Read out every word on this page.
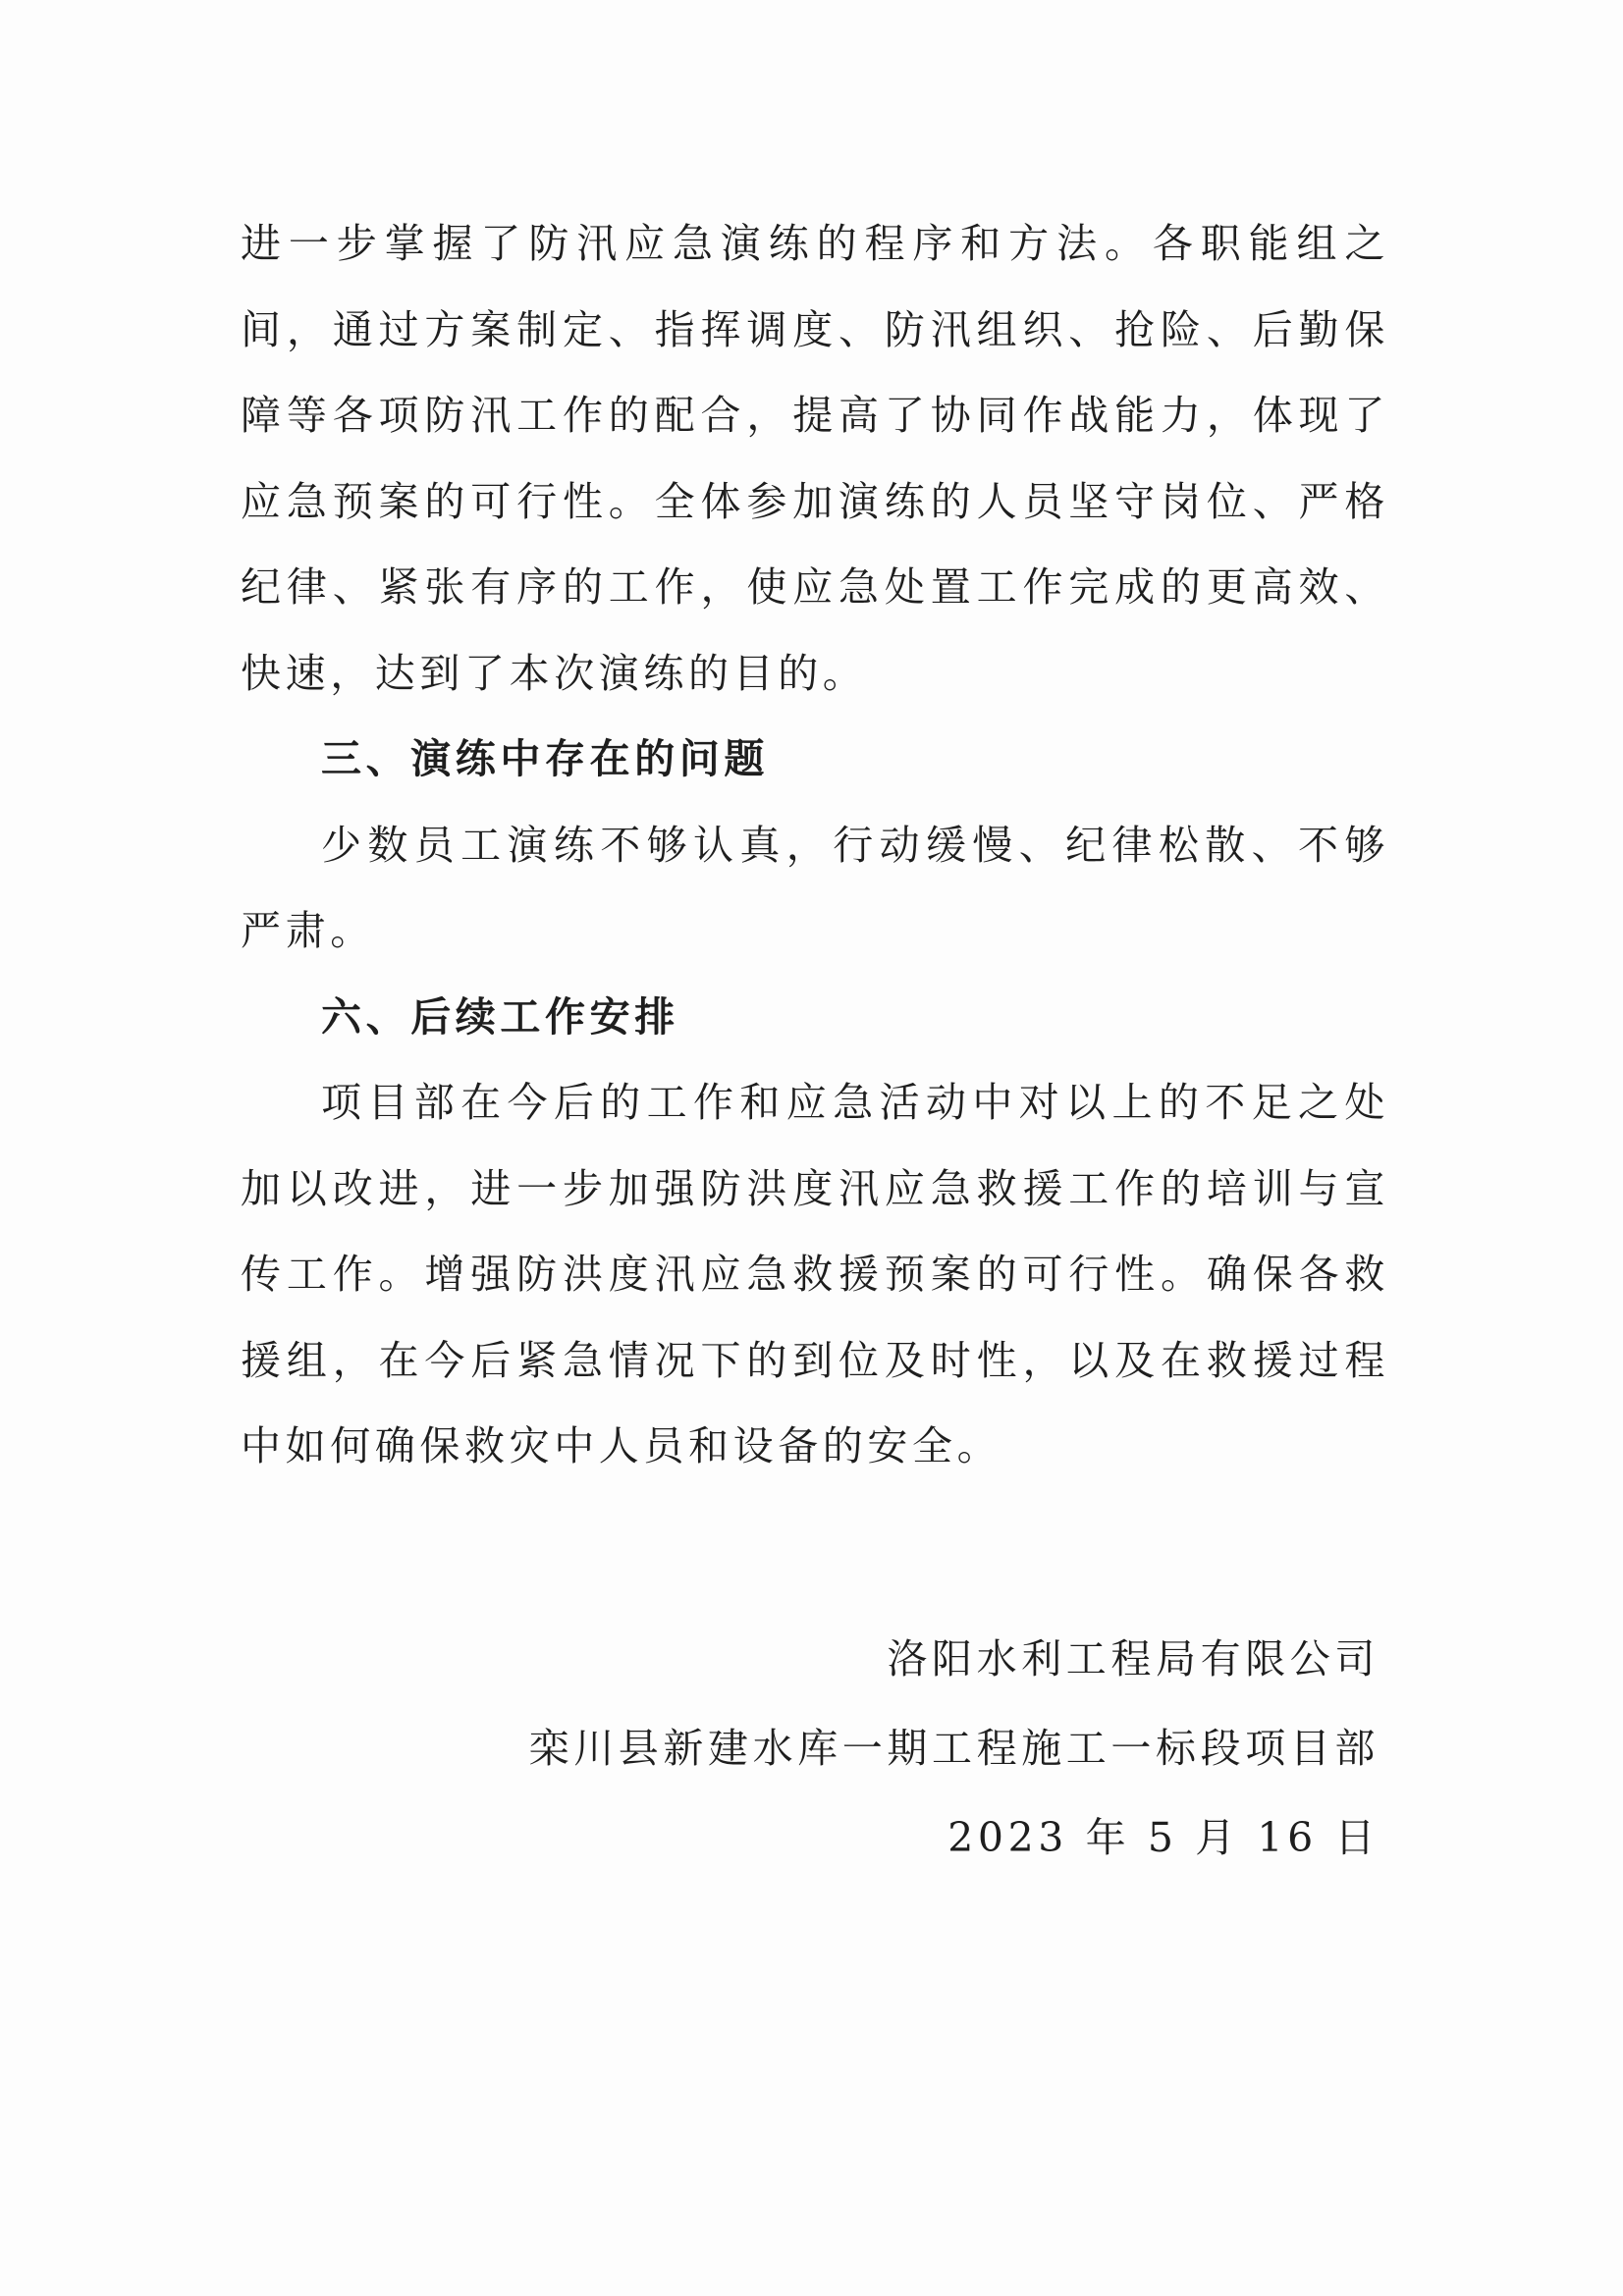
进一步掌握了防汛应急演练的程序和方法。各职能组之间，通过方案制定、指挥调度、防汛组织、抢险、后勤保障等各项防汛工作的配合，提高了协同作战能力，体现了应急预案的可行性。全体参加演练的人员坚守岗位、严格纪律、紧张有序的工作，使应急处置工作完成的更高效、快速，达到了本次演练的目的。

三、演练中存在的问题

少数员工演练不够认真，行动缓慢、纪律松散、不够严肃。

六、后续工作安排

项目部在今后的工作和应急活动中对以上的不足之处加以改进，进一步加强防洪度汛应急救援工作的培训与宣传工作。增强防洪度汛应急救援预案的可行性。确保各救援组，在今后紧急情况下的到位及时性，以及在救援过程中如何确保救灾中人员和设备的安全。

洛阳水利工程局有限公司

栾川县新建水库一期工程施工一标段项目部

2023 年 5 月 16 日
